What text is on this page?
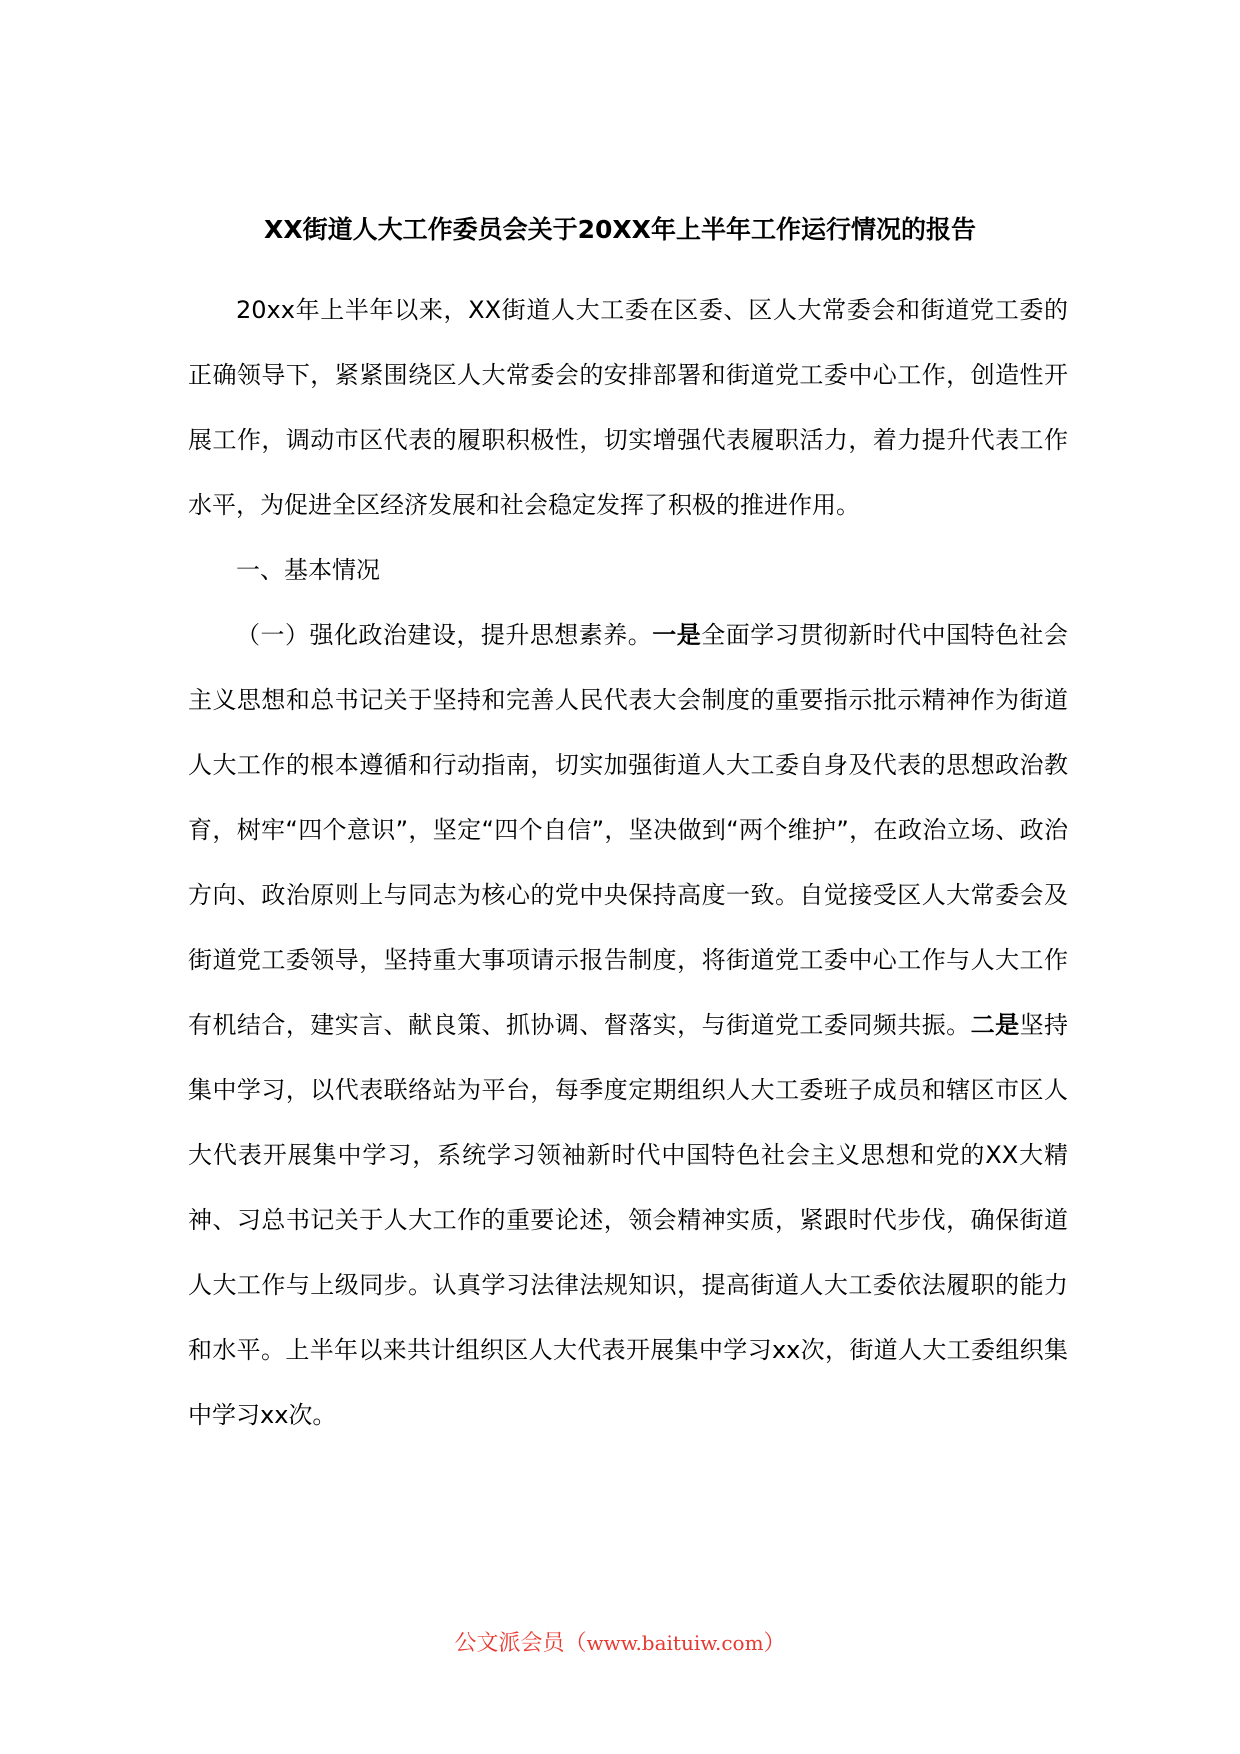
XX街道人大工作委员会关于20XX年上半年工作运行情况的报告

20xx年上半年以来，XX街道人大工委在区委、区人大常委会和街道党工委的正确领导下，紧紧围绕区人大常委会的安排部署和街道党工委中心工作，创造性开展工作，调动市区代表的履职积极性，切实增强代表履职活力，着力提升代表工作水平，为促进全区经济发展和社会稳定发挥了积极的推进作用。

一、基本情况

（一）强化政治建设，提升思想素养。一是全面学习贯彻新时代中国特色社会主义思想和总书记关于坚持和完善人民代表大会制度的重要指示批示精神作为街道人大工作的根本遵循和行动指南，切实加强街道人大工委自身及代表的思想政治教育，树牢“四个意识”，坚定“四个自信”，坚决做到“两个维护”，在政治立场、政治方向、政治原则上与同志为核心的党中央保持高度一致。自觉接受区人大常委会及街道党工委领导，坚持重大事项请示报告制度，将街道党工委中心工作与人大工作有机结合，建实言、献良策、抓协调、督落实，与街道党工委同频共振。二是坚持集中学习，以代表联络站为平台，每季度定期组织人大工委班子成员和辖区市区人大代表开展集中学习，系统学习领袖新时代中国特色社会主义思想和党的XX大精神、习总书记关于人大工作的重要论述，领会精神实质，紧跟时代步伐，确保街道人大工作与上级同步。认真学习法律法规知识，提高街道人大工委依法履职的能力和水平。上半年以来共计组织区人大代表开展集中学习xx次，街道人大工委组织集中学习xx次。

公文派会员（www.baituiw.com）
